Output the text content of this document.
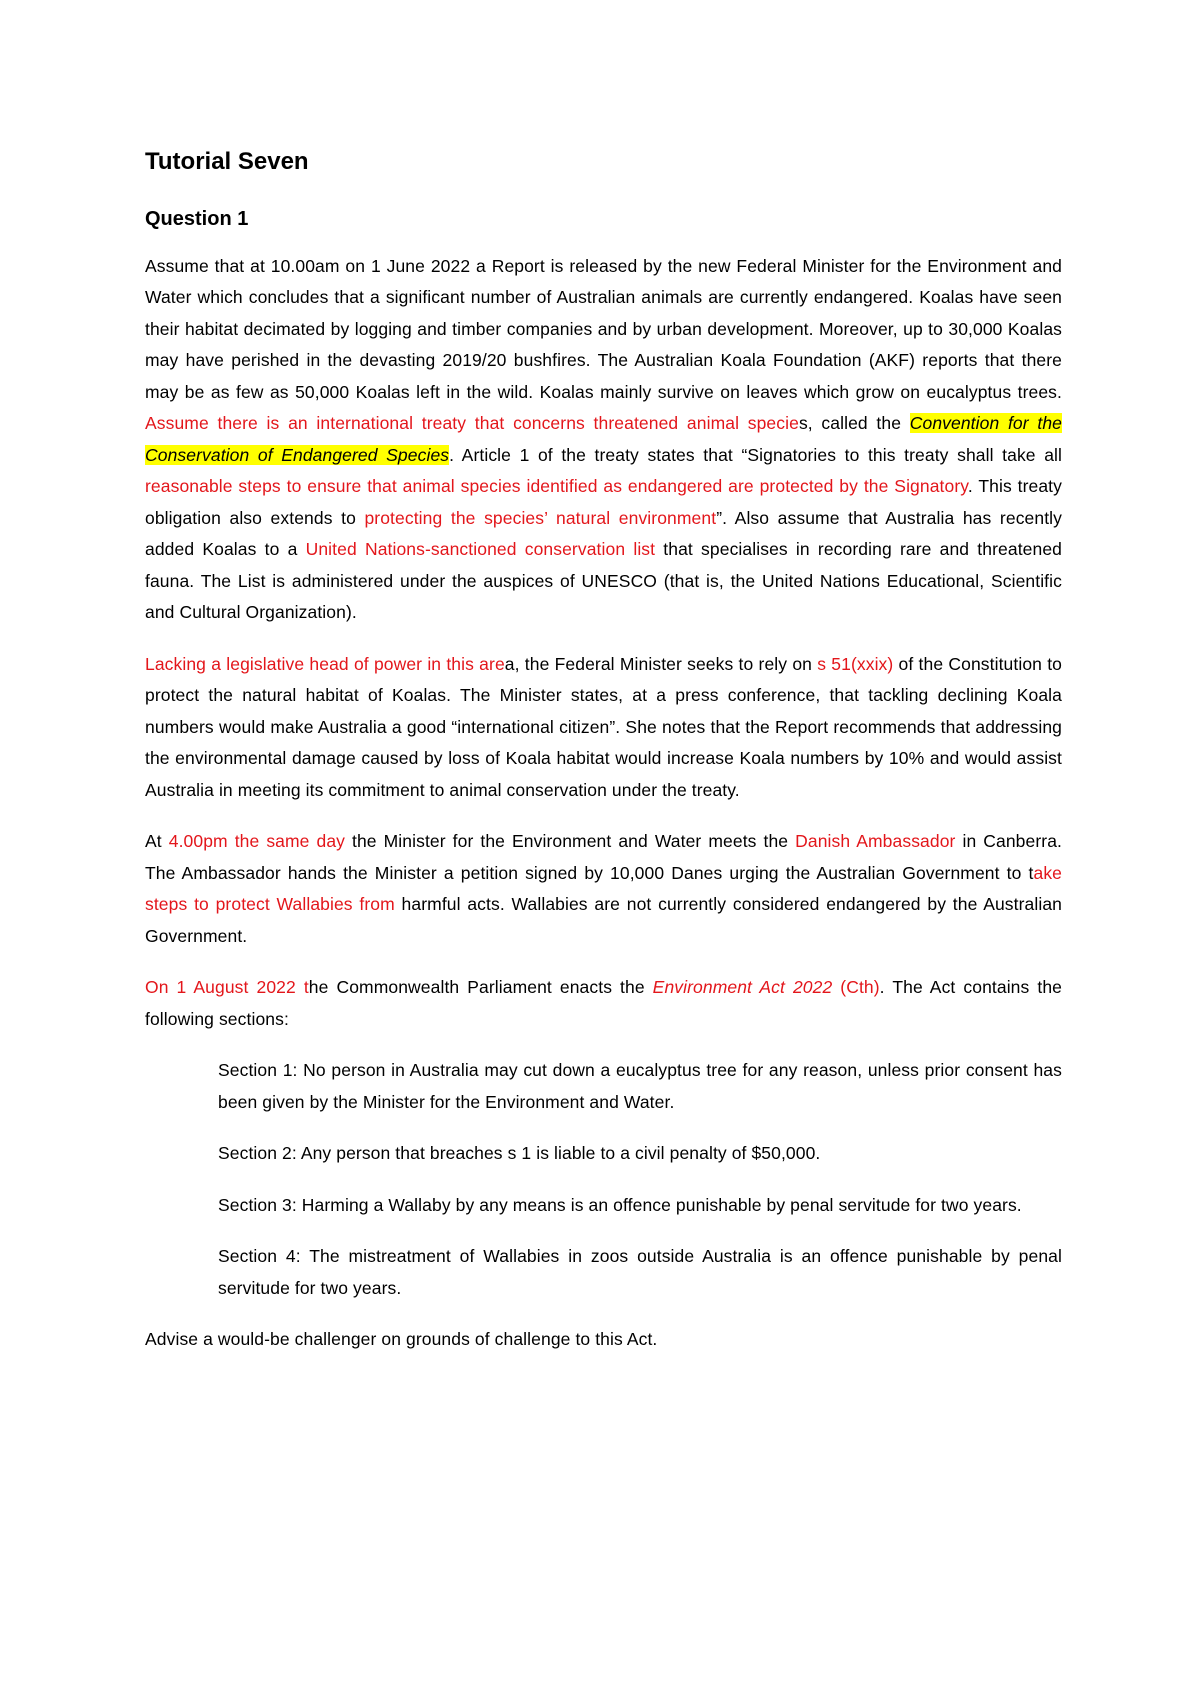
Tutorial Seven
Question 1

Assume that at 10.00am on 1 June 2022 a Report is released by the new Federal Minister for the Environment and Water which concludes that a significant number of Australian animals are currently endangered. Koalas have seen their habitat decimated by logging and timber companies and by urban development. Moreover, up to 30,000 Koalas may have perished in the devasting 2019/20 bushfires. The Australian Koala Foundation (AKF) reports that there may be as few as 50,000 Koalas left in the wild. Koalas mainly survive on leaves which grow on eucalyptus trees. Assume there is an international treaty that concerns threatened animal species, called the Convention for the Conservation of Endangered Species. Article 1 of the treaty states that “Signatories to this treaty shall take all reasonable steps to ensure that animal species identified as endangered are protected by the Signatory. This treaty obligation also extends to protecting the species’ natural environment”. Also assume that Australia has recently added Koalas to a United Nations-sanctioned conservation list that specialises in recording rare and threatened fauna. The List is administered under the auspices of UNESCO (that is, the United Nations Educational, Scientific and Cultural Organization).

Lacking a legislative head of power in this area, the Federal Minister seeks to rely on s 51(xxix) of the Constitution to protect the natural habitat of Koalas. The Minister states, at a press conference, that tackling declining Koala numbers would make Australia a good “international citizen”. She notes that the Report recommends that addressing the environmental damage caused by loss of Koala habitat would increase Koala numbers by 10% and would assist Australia in meeting its commitment to animal conservation under the treaty.

At 4.00pm the same day the Minister for the Environment and Water meets the Danish Ambassador in Canberra. The Ambassador hands the Minister a petition signed by 10,000 Danes urging the Australian Government to take steps to protect Wallabies from harmful acts. Wallabies are not currently considered endangered by the Australian Government.

On 1 August 2022 the Commonwealth Parliament enacts the Environment Act 2022 (Cth). The Act contains the following sections:

Section 1: No person in Australia may cut down a eucalyptus tree for any reason, unless prior consent has been given by the Minister for the Environment and Water.

Section 2: Any person that breaches s 1 is liable to a civil penalty of $50,000.

Section 3: Harming a Wallaby by any means is an offence punishable by penal servitude for two years.

Section 4: The mistreatment of Wallabies in zoos outside Australia is an offence punishable by penal servitude for two years.

Advise a would-be challenger on grounds of challenge to this Act.
